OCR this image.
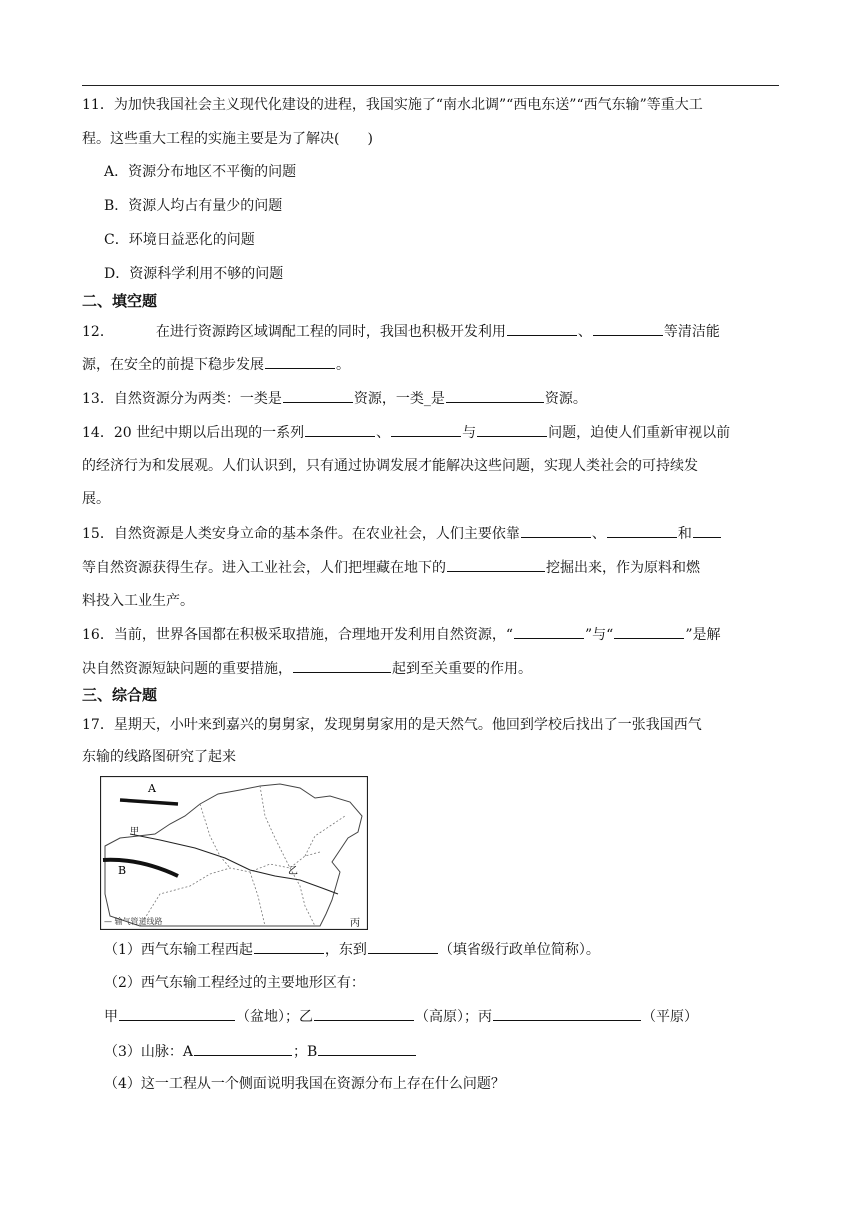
11．为加快我国社会主义现代化建设的进程，我国实施了“南水北调”“西电东送”“西气东输”等重大工
程。这些重大工程的实施主要是为了解决(　　)
A．资源分布地区不平衡的问题
B．资源人均占有量少的问题
C．环境日益恶化的问题
D．资源科学利用不够的问题
二、填空题
12．	在进行资源跨区域调配工程的同时，我国也积极开发利用	、	等清洁能
源，在安全的前提下稳步发展	。
13．自然资源分为两类：一类是	资源，一类_是	资源。
14．20 世纪中期以后出现的一系列	、	与	问题，迫使人们重新审视以前
的经济行为和发展观。人们认识到，只有通过协调发展才能解决这些问题，实现人类社会的可持续发
展。
15．自然资源是人类安身立命的基本条件。在农业社会，人们主要依靠	、	和
等自然资源获得生存。进入工业社会，人们把埋藏在地下的	挖掘出来，作为原料和燃
料投入工业生产。
16．当前，世界各国都在积极采取措施，合理地开发利用自然资源，“	”与“	”是解
决自然资源短缺问题的重要措施，	起到至关重要的作用。
三、综合题
17．星期天，小叶来到嘉兴的舅舅家，发现舅舅家用的是天然气。他回到学校后找出了一张我国西气
东输的线路图研究了起来
A
B
甲
乙
丙
— 输气管道线路
（1）西气东输工程西起	，东到	（填省级行政单位简称）。
（2）西气东输工程经过的主要地形区有：
甲	（盆地）；乙	（高原）；丙	（平原）
（3）山脉：A	；B
（4）这一工程从一个侧面说明我国在资源分布上存在什么问题？
